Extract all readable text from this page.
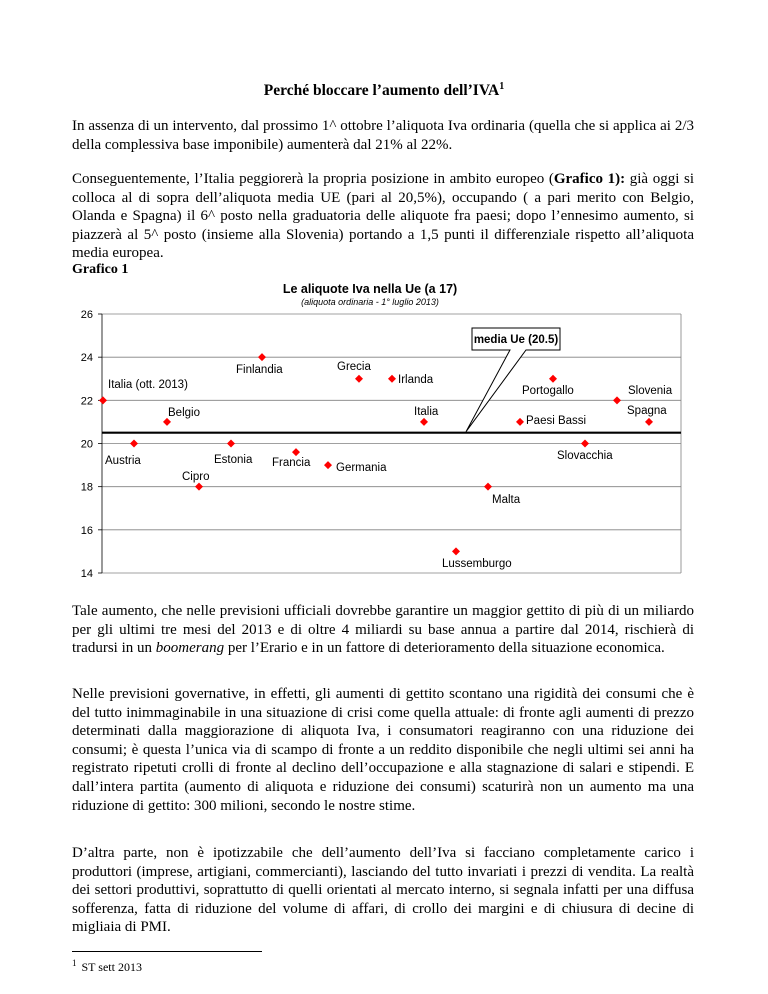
Perché bloccare l’aumento dell’IVA$^1$

In assenza di un intervento, dal prossimo 1^ ottobre l’aliquota Iva ordinaria (quella che si applica ai 2/3 della complessiva base imponibile) aumenterà dal 21% al 22%.

Conseguentemente, l’Italia peggiorerà la propria posizione in ambito europeo (Grafico 1): già oggi si colloca al di sopra dell’aliquota media UE (pari al 20,5%), occupando ( a pari merito con Belgio, Olanda e Spagna) il 6^ posto nella graduatoria delle aliquote fra paesi; dopo l’ennesimo aumento, si piazzerà al 5^ posto (insieme alla Slovenia) portando a 1,5 punti il differenziale rispetto all’aliquota media europea.

Grafico 1
Le aliquote Iva nella Ue (a 17)
(aliquota ordinaria - 1° luglio 2013)
14
16
18
20
22
24
26
media Ue (20.5)
Italia (ott. 2013)
Austria
Belgio
Cipro
Estonia
Finlandia
Francia Germania
Grecia
Irlanda
Italia
Lussemburgo
Malta
Paesi Bassi
Portogallo
Slovacchia
Slovenia
Spagna

Tale aumento, che nelle previsioni ufficiali dovrebbe garantire un maggior gettito di più di un miliardo per gli ultimi tre mesi del 2013 e di oltre 4 miliardi su base annua a partire dal 2014, rischierà di tradursi in un boomerang per l’Erario e in un fattore di deterioramento della situazione economica.

Nelle previsioni governative, in effetti, gli aumenti di gettito scontano una rigidità dei consumi che è del tutto inimmaginabile in una situazione di crisi come quella attuale: di fronte agli aumenti di prezzo determinati dalla maggiorazione di aliquota Iva, i consumatori reagiranno con una riduzione dei consumi; è questa l’unica via di scampo di fronte a un reddito disponibile che negli ultimi sei anni ha registrato ripetuti crolli di fronte al declino dell’occupazione e alla stagnazione di salari e stipendi. E dall’intera partita (aumento di aliquota e riduzione dei consumi) scaturirà non un aumento ma una riduzione di gettito: 300 milioni, secondo le nostre stime.

D’altra parte, non è ipotizzabile che dell’aumento dell’Iva si facciano completamente carico i produttori (imprese, artigiani, commercianti), lasciando del tutto invariati i prezzi di vendita. La realtà dei settori produttivi, soprattutto di quelli orientati al mercato interno, si segnala infatti per una diffusa sofferenza, fatta di riduzione del volume di affari, di crollo dei margini e di chiusura di decine di migliaia di PMI.

$^1$ ST sett 2013
